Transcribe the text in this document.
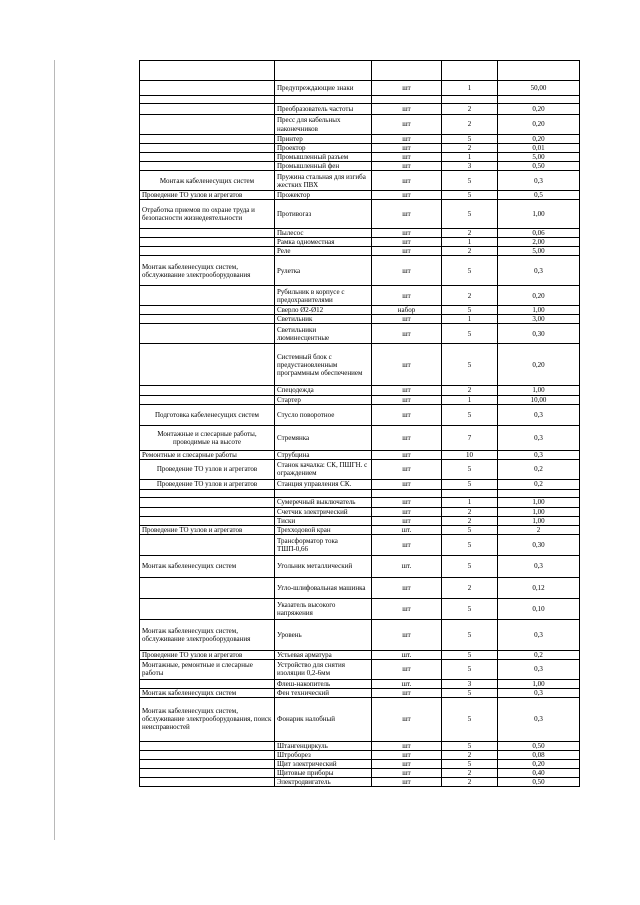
	Предупреждающие знаки	шт	1	50,00

	Преобразователь частоты	шт	2	0,20
	Пресс для кабельных наконечников	шт	2	0,20
	Принтер	шт	5	0,20
	Проектор	шт	2	0,01
	Промышленный разъем	шт	1	5,00
	Промышленный фен	шт	3	0,50
Монтаж кабеленесущих систем	Пружина стальная для изгиба жестких ПВХ	шт	5	0,3
Проведение ТО узлов и агрегатов	Прожектор	шт	5	0,5
Отработка приемов по охране труда и безопасности жизнедеятельности	Противогаз	шт	5	1,00
	Пылесос	шт	2	0,06
	Рамка одноместная	шт	1	2,00
	Реле	шт	2	5,00
Монтаж кабеленесущих систем, обслуживание электрооборудования	Рулетка	шт	5	0,3
	Рубильник в корпусе с предохранителями	шт	2	0,20
	Сверло Ø2-Ø12	набор	5	1,00
	Светильник	шт	1	3,00
	Светильники люминесцентные	шт	5	0,30
	Системный блок с предустановленным программным обеспечением	шт	5	0,20
	Спецодежда	шт	2	1,00
	Стартер	шт	1	10,00
Подготовка кабеленесущих систем	Стусло поворотное	шт	5	0,3
Монтажные и слесарные работы, проводимые на высоте	Стремянка	шт	7	0,3
Ремонтные и слесарные работы	Струбцина	шт	10	0,3
Проведение ТО узлов и агрегатов	Станок качалка: СК, ПШГН. с ограждением	шт	5	0,2
Проведение ТО узлов и агрегатов	Станция управления СК.	шт	5	0,2

	Сумеречный выключатель	шт	1	1,00
	Счетчик электрический	шт	2	1,00
	Тиски	шт	2	1,00
Проведение ТО узлов и агрегатов	Трехходовой кран	шт.	5	2
	Трансформатор тока ТШП-0,66	шт	5	0,30
Монтаж кабеленесущих систем	Угольник металлический	шт.	5	0,3
	Угло-шлифовальная машинка	шт	2	0,12
	Указатель высокого напряжения	шт	5	0,10
Монтаж кабеленесущих систем, обслуживание электрооборудования	Уровень	шт	5	0,3
Проведение ТО узлов и агрегатов	Устьевая арматура	шт.	5	0,2
Монтажные, ремонтные и слесарные работы	Устройство для снятия изоляции 0,2-6мм	шт	5	0,3
	Флеш-накопитель	шт.	3	1,00
Монтаж кабеленесущих систем	Фен технический	шт	5	0,3
Монтаж кабеленесущих систем, обслуживание электрооборудования, поиск неисправностей	Фонарик налобный	шт	5	0,3
	Штангенциркуль	шт	5	0,50
	Штроборез	шт	2	0,08
	Щит электрический	шт	5	0,20
	Щитовые приборы	шт	2	0,40
	Электродвигатель	шт	2	0,50
